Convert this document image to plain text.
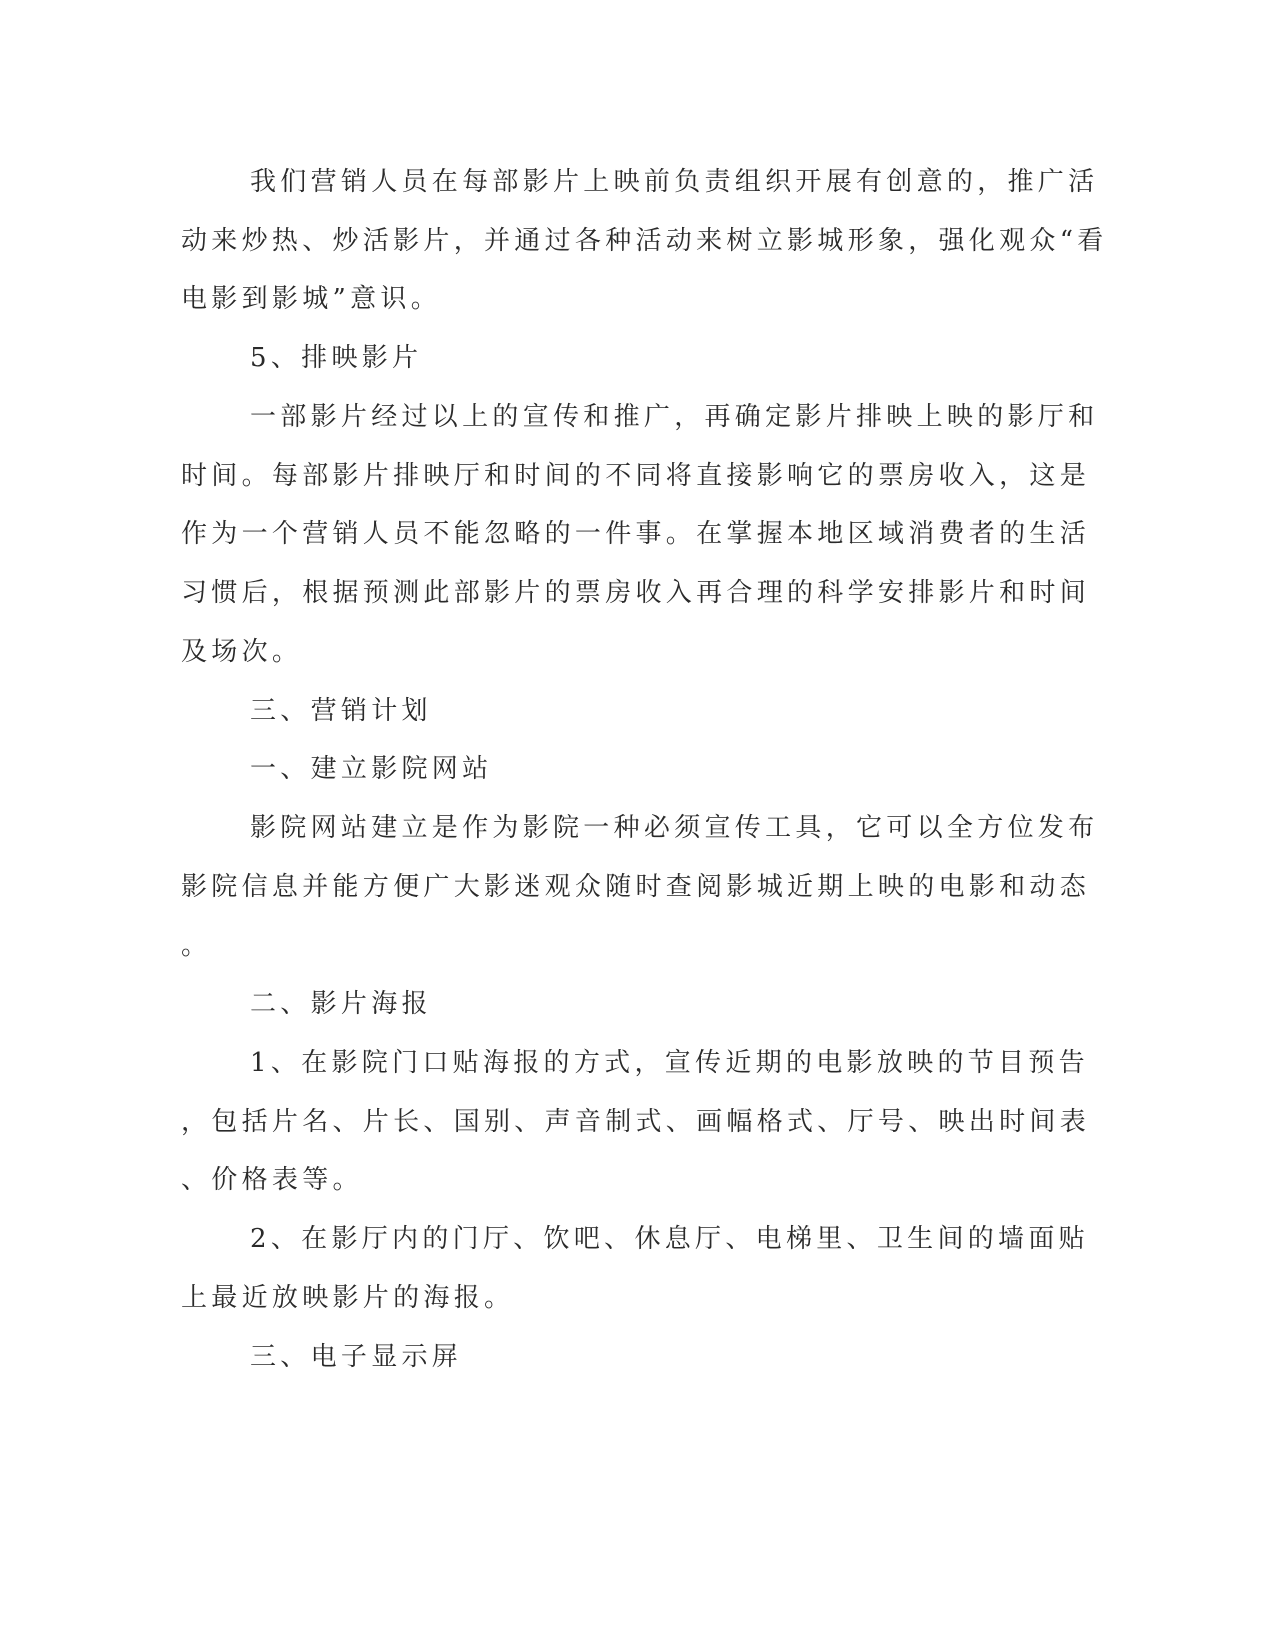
我们营销人员在每部影片上映前负责组织开展有创意的，推广活
动来炒热、炒活影片，并通过各种活动来树立影城形象，强化观众“看
电影到影城”意识。
5、排映影片
一部影片经过以上的宣传和推广，再确定影片排映上映的影厅和
时间。每部影片排映厅和时间的不同将直接影响它的票房收入，这是
作为一个营销人员不能忽略的一件事。在掌握本地区域消费者的生活
习惯后，根据预测此部影片的票房收入再合理的科学安排影片和时间
及场次。
三、营销计划
一、建立影院网站
影院网站建立是作为影院一种必须宣传工具，它可以全方位发布
影院信息并能方便广大影迷观众随时查阅影城近期上映的电影和动态
。
二、影片海报
1、在影院门口贴海报的方式，宣传近期的电影放映的节目预告
，包括片名、片长、国别、声音制式、画幅格式、厅号、映出时间表
、价格表等。
2、在影厅内的门厅、饮吧、休息厅、电梯里、卫生间的墙面贴
上最近放映影片的海报。
三、电子显示屏
